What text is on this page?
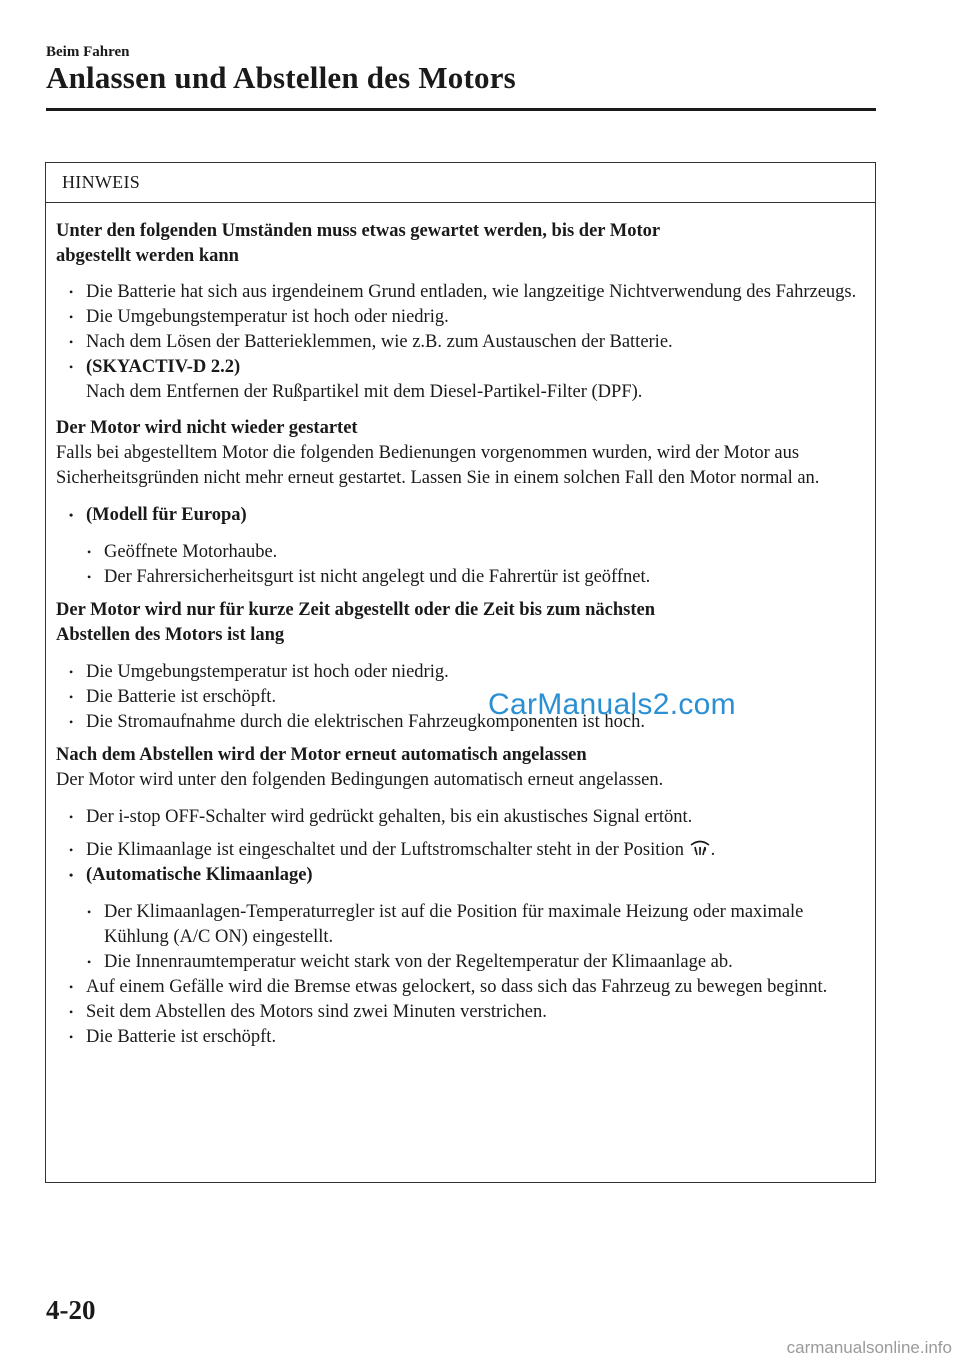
Beim Fahren
Anlassen und Abstellen des Motors
HINWEIS

Unter den folgenden Umständen muss etwas gewartet werden, bis der Motor
abgestellt werden kann

• Die Batterie hat sich aus irgendeinem Grund entladen, wie langzeitige Nichtverwendung des Fahrzeugs.
• Die Umgebungstemperatur ist hoch oder niedrig.
• Nach dem Lösen der Batterieklemmen, wie z.B. zum Austauschen der Batterie.
• (SKYACTIV-D 2.2)
Nach dem Entfernen der Rußpartikel mit dem Diesel-Partikel-Filter (DPF).

Der Motor wird nicht wieder gestartet

Falls bei abgestelltem Motor die folgenden Bedienungen vorgenommen wurden, wird der Motor aus Sicherheitsgründen nicht mehr erneut gestartet. Lassen Sie in einem solchen Fall den Motor normal an.

• (Modell für Europa)
• Geöffnete Motorhaube.
• Der Fahrersicherheitsgurt ist nicht angelegt und die Fahrertür ist geöffnet.

Der Motor wird nur für kurze Zeit abgestellt oder die Zeit bis zum nächsten
Abstellen des Motors ist lang

• Die Umgebungstemperatur ist hoch oder niedrig.
• Die Batterie ist erschöpft.
• Die Stromaufnahme durch die elektrischen Fahrzeugkomponenten ist hoch.

Nach dem Abstellen wird der Motor erneut automatisch angelassen

Der Motor wird unter den folgenden Bedingungen automatisch erneut angelassen.

• Der i-stop OFF-Schalter wird gedrückt gehalten, bis ein akustisches Signal ertönt.
• Die Klimaanlage ist eingeschaltet und der Luftstromschalter steht in der Position .
• (Automatische Klimaanlage)
• Der Klimaanlagen-Temperaturregler ist auf die Position für maximale Heizung oder maximale Kühlung (A/C ON) eingestellt.
• Die Innenraumtemperatur weicht stark von der Regeltemperatur der Klimaanlage ab.
• Auf einem Gefälle wird die Bremse etwas gelockert, so dass sich das Fahrzeug zu bewegen beginnt.
• Seit dem Abstellen des Motors sind zwei Minuten verstrichen.
• Die Batterie ist erschöpft.
CarManuals2.com
4-20
carmanualsonline.info
